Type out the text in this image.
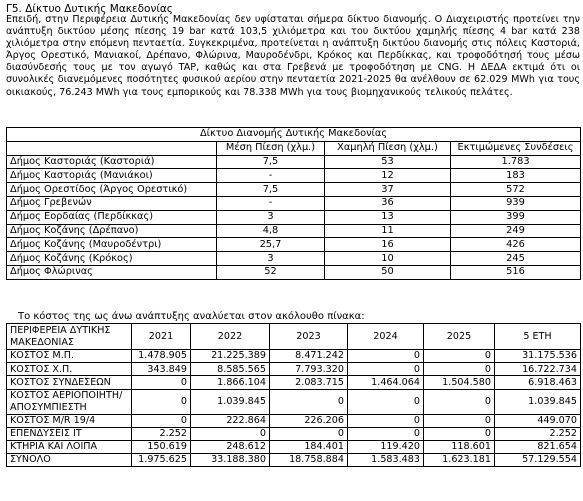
Γ5. Δίκτυο Δυτικής Μακεδονίας
Επειδή, στην Περιφέρεια Δυτικής Μακεδονίας δεν υφίσταται σήμερα δίκτυο διανομής. Ο Διαχειριστής προτείνει την ανάπτυξη δικτύου μέσης πίεσης 19 bar κατά 103,5 χιλιόμετρα και του δικτύου χαμηλής πίεσης 4 bar κατά 238 χιλιόμετρα στην επόμενη πενταετία. Συγκεκριμένα, προτείνεται η ανάπτυξη δικτύου διανομής στις πόλεις Καστοριά, Άργος Ορεστικό, Μανιακοί, Δρέπανο, Φλώρινα, Μαυροδένδρι, Κρόκος και Περδίκκας, και τροφοδότησή τους μέσω διασύνδεσής τους με τον αγωγό TAP, καθώς και στα Γρεβενά με τροφοδότηση με CNG. Η ΔΕΔΑ εκτιμά ότι οι συνολικές διανεμόμενες ποσότητες φυσικού αερίου στην πενταετία 2021-2025 θα ανέλθουν σε 62.029 MWh για τους οικιακούς, 76.243 MWh για τους εμπορικούς και 78.338 MWh για τους βιομηχανικούς τελικούς πελάτες.
Δίκτυο Διανομής Δυτικής Μακεδονίας			
	Μέση Πίεση (χλμ.)	Χαμηλή Πίεση (χλμ.)	Εκτιμώμενες Συνδέσεις
Δήμος Καστοριάς (Καστοριά)	7,5	53	1.783
Δήμος Καστοριάς (Μανιάκοι)	-	12	183
Δήμος Ορεστίδος (Άργος Ορεστικό)	7,5	37	572
Δήμος Γρεβενών	-	36	939
Δήμος Εορδαίας (Περδίκκας)	3	13	399
Δήμος Κοζάνης (Δρέπανο)	4,8	11	249
Δήμος Κοζάνης (Μαυροδέντρι)	25,7	16	426
Δήμος Κοζάνης (Κρόκος)	3	10	245
Δήμος Φλώρινας	52	50	516
Το κόστος της ως άνω ανάπτυξης αναλύεται στον ακόλουθο πίνακα:
ΠΕΡΙΦΕΡΕΙΑ ΔΥΤΙΚΗΣ ΜΑΚΕΔΟΝΙΑΣ	2021	2022	2023	2024	2025	5 ΕΤΗ
ΚΟΣΤΟΣ Μ.Π.	1.478.905	21.225.389	8.471.242	0	0	31.175.536
ΚΟΣΤΟΣ Χ.Π.	343.849	8.585.565	7.793.320	0	0	16.722.734
ΚΟΣΤΟΣ ΣΥΝΔΕΣΕΩΝ	0	1.866.104	2.083.715	1.464.064	1.504.580	6.918.463
ΚΟΣΤΟΣ ΑΕΡΙΟΠΟΙΗΤΗ/ ΑΠΟΣΥΜΠΙΕΣΤΗ	0	1.039.845	0	0	0	1.039.845
ΚΟΣΤΟΣ Μ/R 19/4	0	222.864	226.206	0	0	449.070
ΕΠΕΝΔΥΣΕΙΣ IT	2.252	0	0	0	0	2.252
ΚΤΗΡΙΑ ΚΑΙ ΛΟΙΠΑ	150.619	248.612	184.401	119.420	118.601	821.654
ΣΥΝΟΛΟ	1.975.625	33.188.380	18.758.884	1.583.483	1.623.181	57.129.554
